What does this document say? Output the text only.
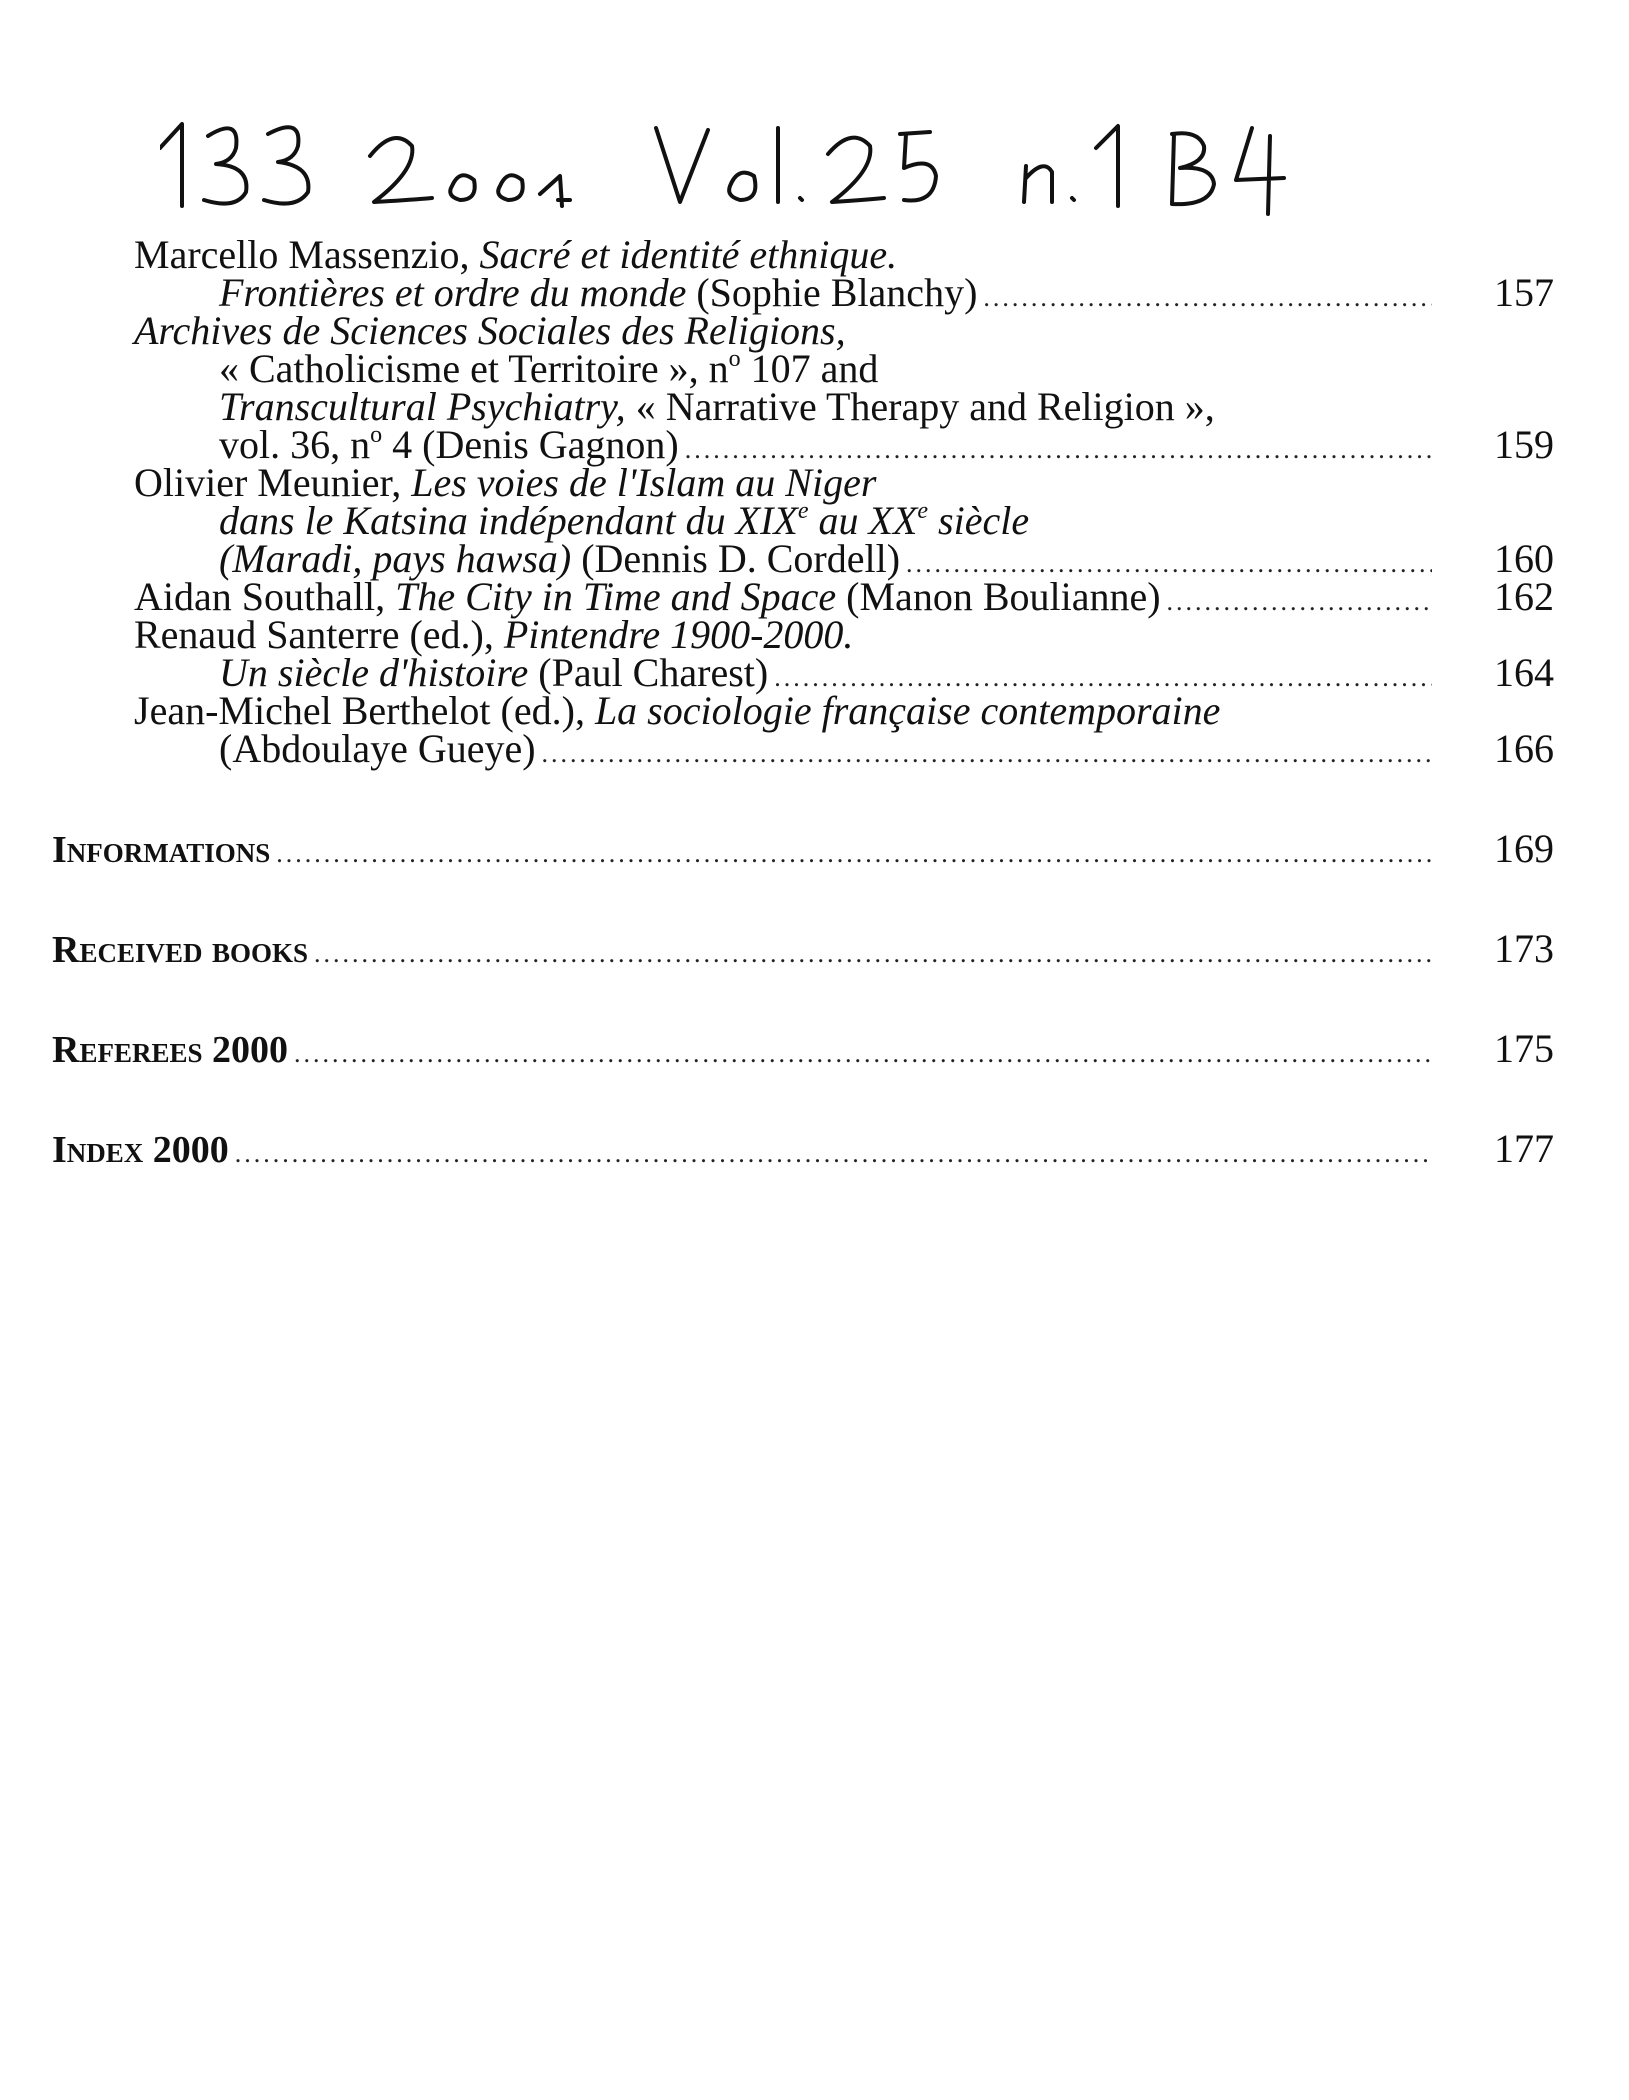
Marcello Massenzio, Sacré et identité ethnique.
Frontières et ordre du monde (Sophie Blanchy) .....	157
Archives de Sciences Sociales des Religions,
« Catholicisme et Territoire », $n^o$ 107 and
Transcultural Psychiatry, « Narrative Therapy and Religion »,
vol. 36, $n^o$ 4 (Denis Gagnon) .....	159
Olivier Meunier, Les voies de l'Islam au Niger
dans le Katsina indépendant du XIXe au XXe siècle
(Maradi, pays hawsa) (Dennis D. Cordell) .....	160
Aidan Southall, The City in Time and Space (Manon Boulianne) .....	162
Renaud Santerre (ed.), Pintendre 1900-2000.
Un siècle d'histoire (Paul Charest) .....	164
Jean-Michel Berthelot (ed.), La sociologie française contemporaine
(Abdoulaye Gueye) .....	166
Informations .....	169
Received books .....	173
Referees 2000 .....	175
Index 2000 .....	177
